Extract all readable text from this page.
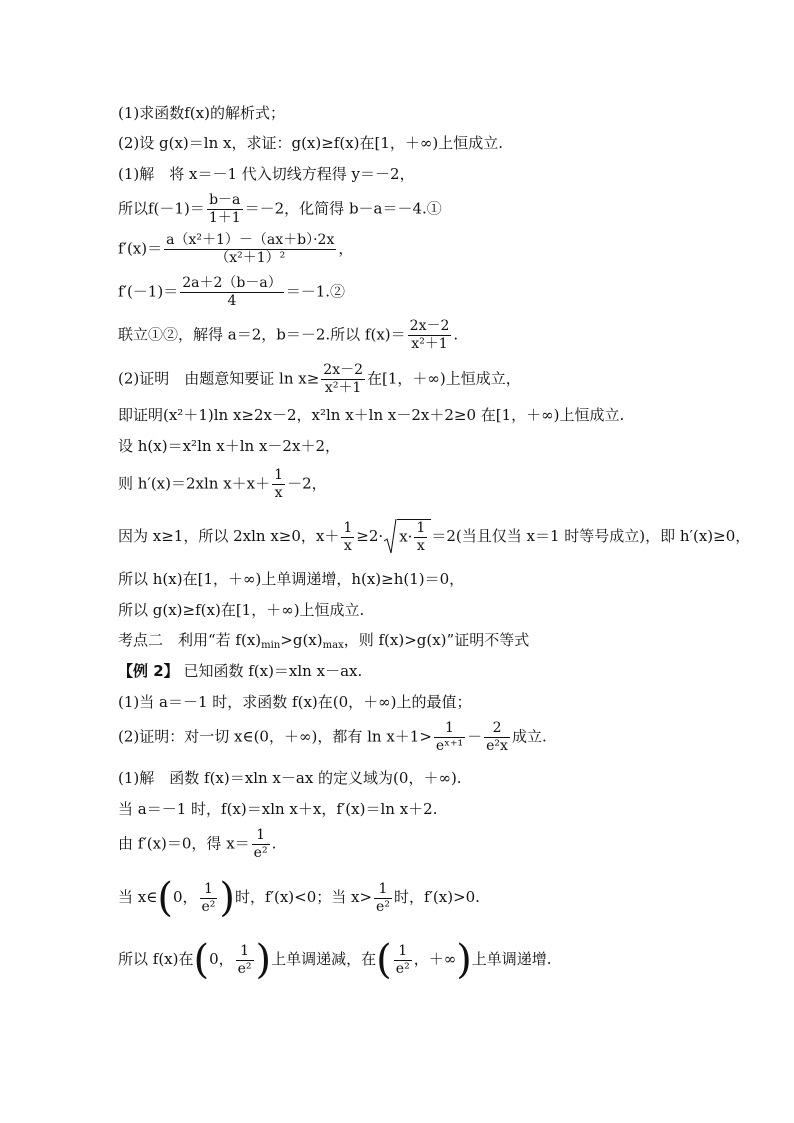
(1)求函数f(x)的解析式；
(2)设 g(x)＝ln x，求证：g(x)≥f(x)在[1，＋∞)上恒成立.
(1)解　将 x＝－1 代入切线方程得 y＝－2，
所以$f(-1)= \frac{b-a}{1+1} =-2$，化简得 b－a＝－4.①
$f'(x)= \frac{\text{a（x²＋1）－（ax＋b）·2x}}{\text{（x²＋1）²}}$ ，
$f'(-1)= \frac{2a+2(b-a)}{4}$ ＝－1.②
联立①②，解得 a＝2，b＝－2.所以 $f(x)= \frac{2x-2}{\text{x²＋1}}$ .
(2)证明　由题意知要证 $\ln x\ge \frac{2x-2}{\text{x²＋1}}$ 在[1，＋∞)上恒成立，
即证明(x²＋1)ln x≥2x－2，x²ln x＋ln x－2x＋2≥0 在[1，＋∞)上恒成立.
设 h(x)＝x²ln x＋ln x－2x＋2，
则 h′(x)＝2xln $x+x+ \frac{1}{x} -2$，
因为 x≥1，所以 2xln x≥0，$x+ \frac{1}{x} \ge 2\cdot x\cdot \frac{1}{x} =2$(当且仅当 x＝1 时等号成立)，即 h′(x)≥0，
所以 h(x)在[1，＋∞)上单调递增，h(x)≥h(1)＝0，
所以 g(x)≥f(x)在[1，＋∞)上恒成立.
考点二　利用“若 $f(x)_{min}>g(x)_{max}$，则 f(x)>g(x)”证明不等式
【例 2】 已知函数 f(x)＝xln x－ax.
(1)当 a＝－1 时，求函数 f(x)在(0，＋∞)上的最值；
(2)证明：对一切 x∈(0，＋∞)，都有 $\ln x+1> \frac{1}{\text{eˣ⁺¹}} - \frac{2}{\text{e²x}}$ 成立.
(1)解　函数 f(x)＝xln x－ax 的定义域为(0，＋∞).
当 a＝－1 时，f(x)＝xln x＋x，f′(x)＝ln x＋2.
由 f′(x)＝0，得 $x= \frac{1}{\text{e²}}$ .
当 x∈(0， $\frac{1}{\text{e²}}$ )时，f′(x)<0；当 $x> \frac{1}{\text{e²}}$ 时，f′(x)>0.
所以 f(x)在(0， $\frac{1}{\text{e²}}$ )上单调递减，在( $\frac{1}{\text{e²}}$ ，＋∞)上单调递增.
